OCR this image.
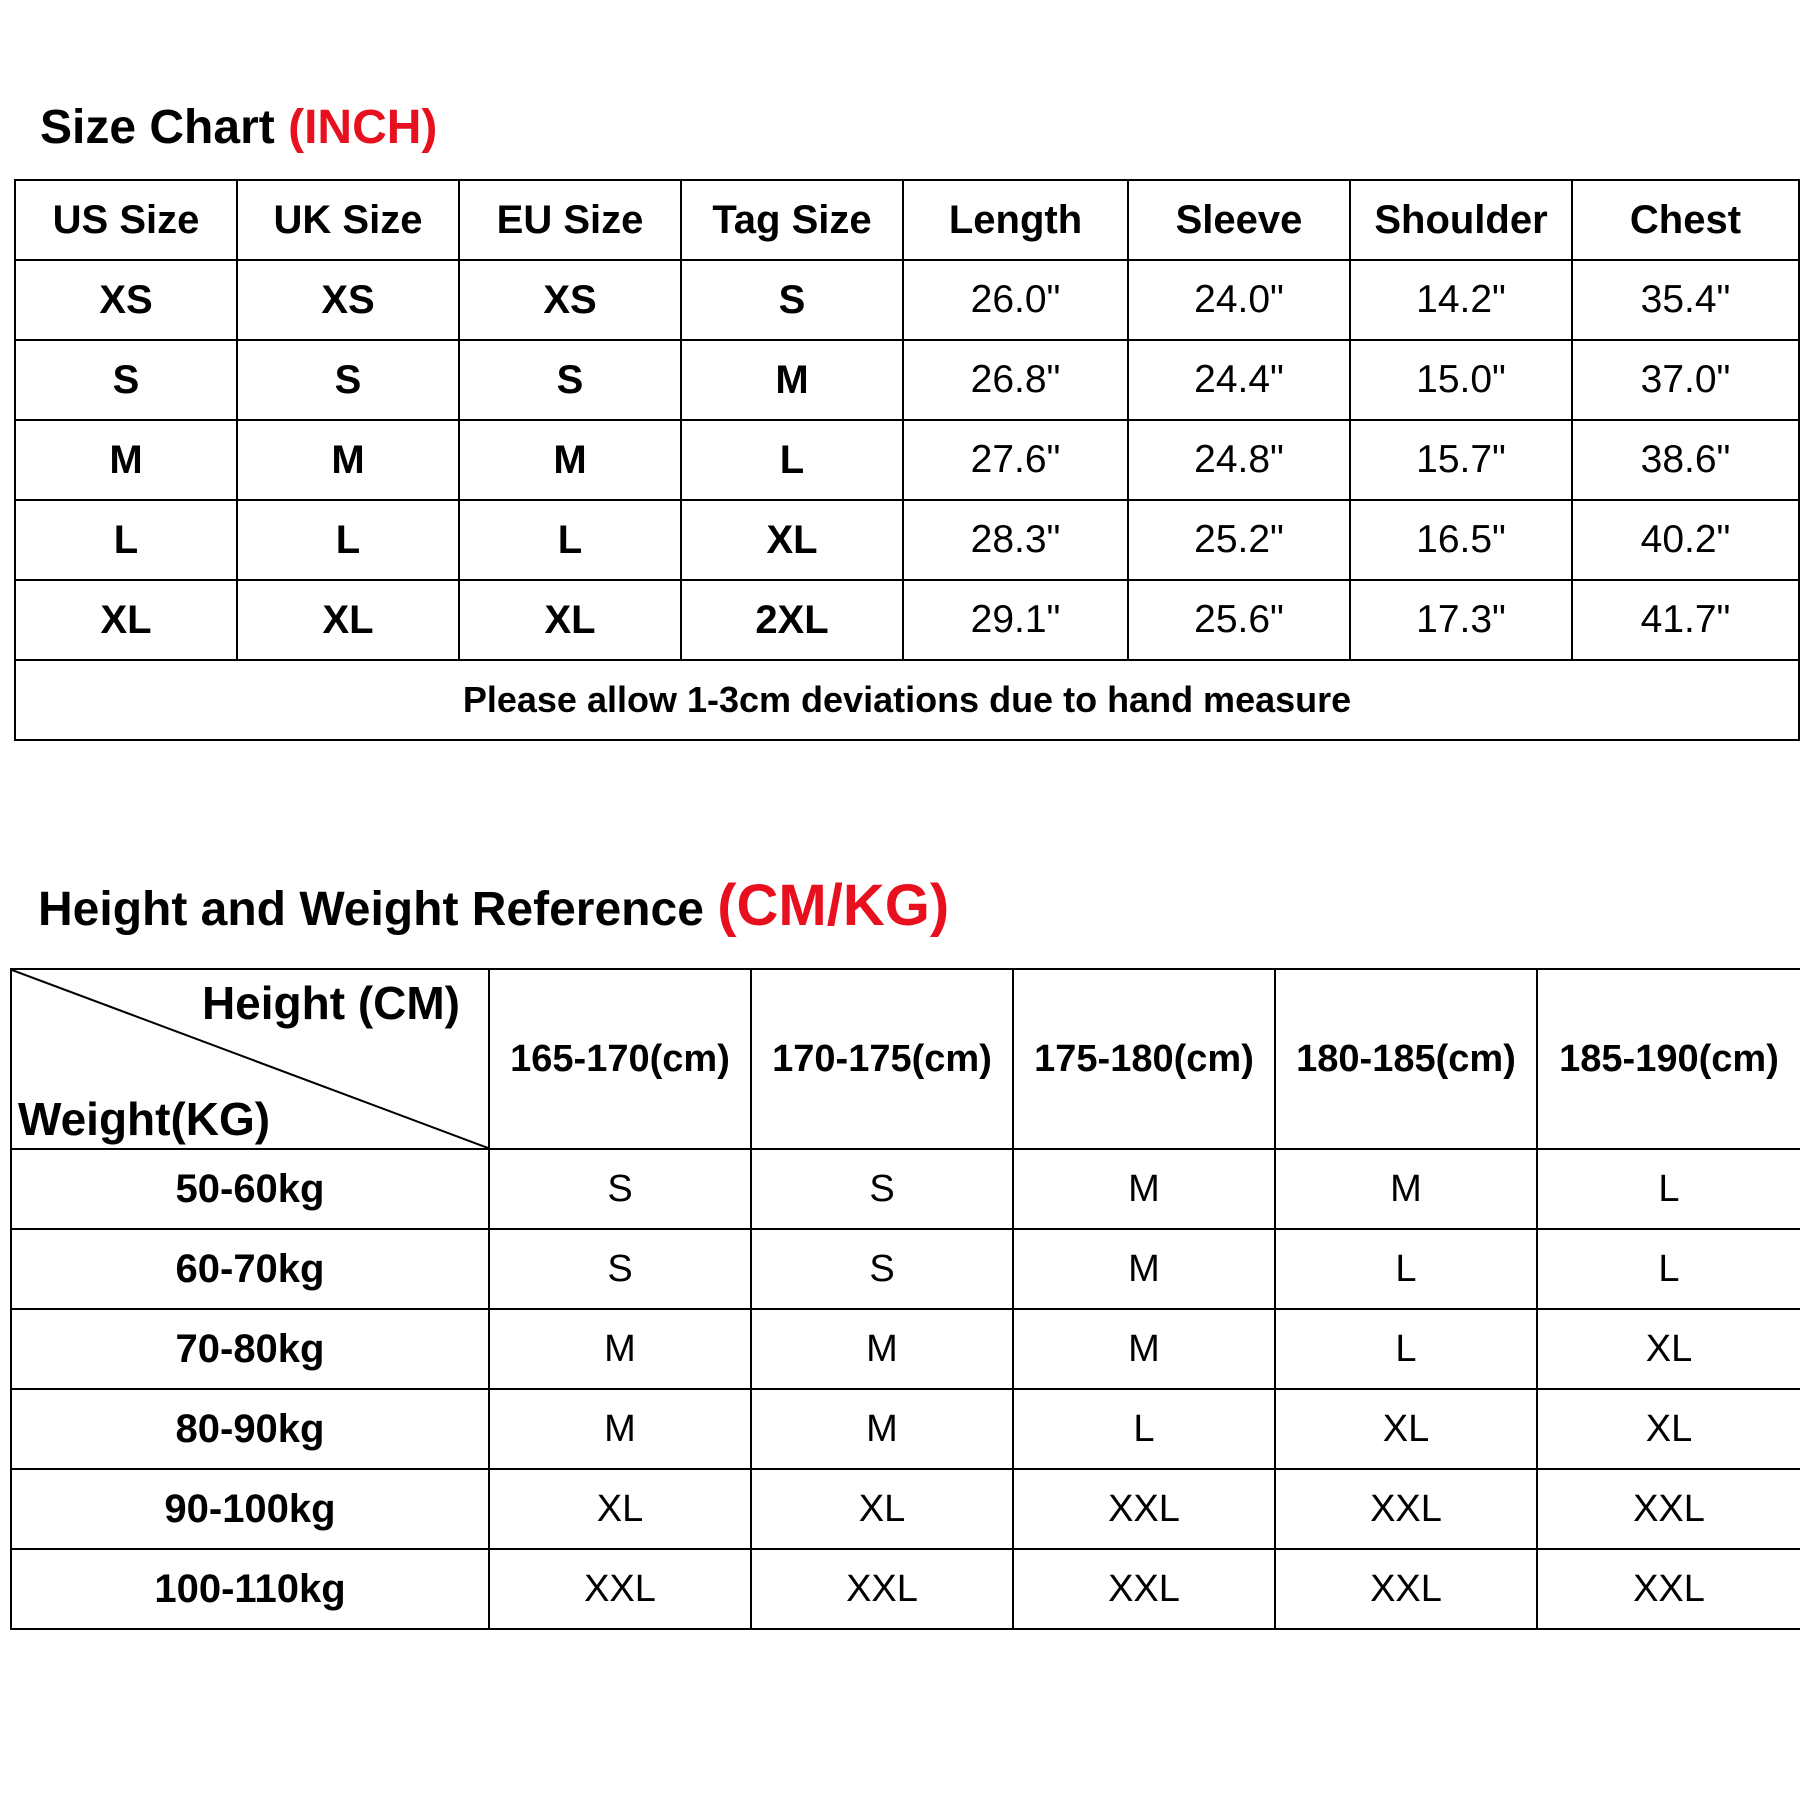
Size Chart (INCH)
US Size	UK Size	EU Size	Tag Size	Length	Sleeve	Shoulder	Chest
XS	XS	XS	S	26.0"	24.0"	14.2"	35.4"
S	S	S	M	26.8"	24.4"	15.0"	37.0"
M	M	M	L	27.6"	24.8"	15.7"	38.6"
L	L	L	XL	28.3"	25.2"	16.5"	40.2"
XL	XL	XL	2XL	29.1"	25.6"	17.3"	41.7"
Please allow 1-3cm deviations due to hand measure							
Height and Weight Reference (CM/KG)
Height (CM)
Weight(KG)	165-170(cm)	170-175(cm)	175-180(cm)	180-185(cm)	185-190(cm)
50-60kg	S	S	M	M	L
60-70kg	S	S	M	L	L
70-80kg	M	M	M	L	XL
80-90kg	M	M	L	XL	XL
90-100kg	XL	XL	XXL	XXL	XXL
100-110kg	XXL	XXL	XXL	XXL	XXL
